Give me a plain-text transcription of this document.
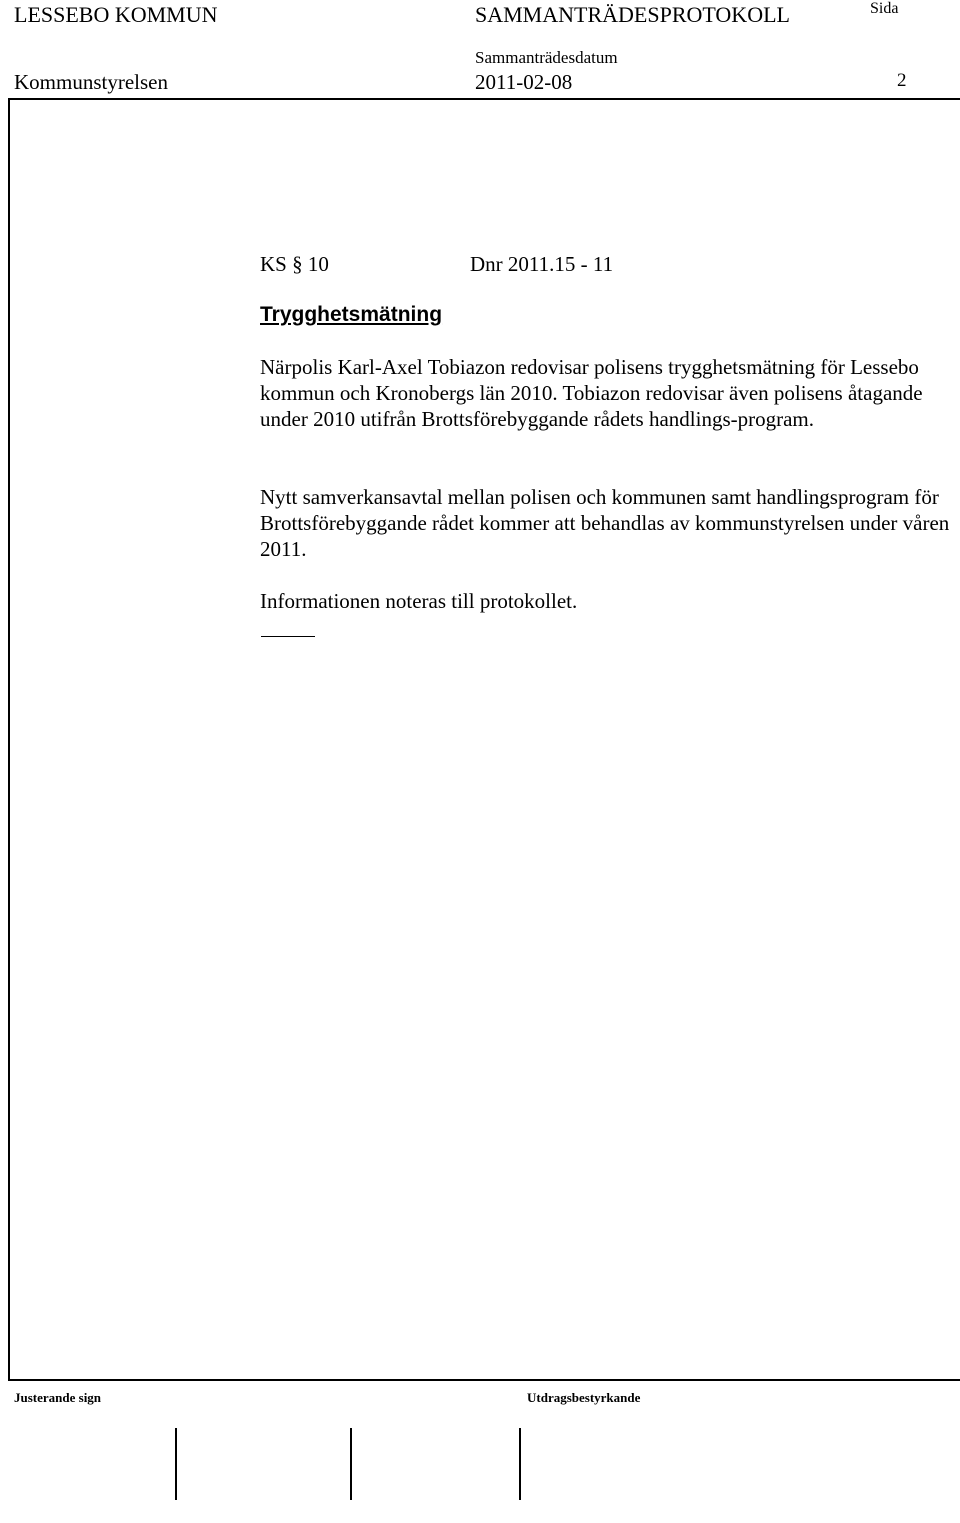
LESSEBO KOMMUN	SAMMANTRÄDESPROTOKOLL	Sida
Sammanträdesdatum
Kommunstyrelsen	2011-02-08	2
KS § 10	Dnr 2011.15 - 11
Trygghetsmätning
Närpolis Karl-Axel Tobiazon redovisar polisens trygghetsmätning för Lessebo kommun och Kronobergs län 2010. Tobiazon redovisar även polisens åtagande under 2010 utifrån Brottsförebyggande rådets handlings-program.
Nytt samverkansavtal mellan polisen och kommunen samt handlingsprogram för Brottsförebyggande rådet kommer att behandlas av kommunstyrelsen under våren 2011.
Informationen noteras till protokollet.
Justerande sign	Utdragsbestyrkande
